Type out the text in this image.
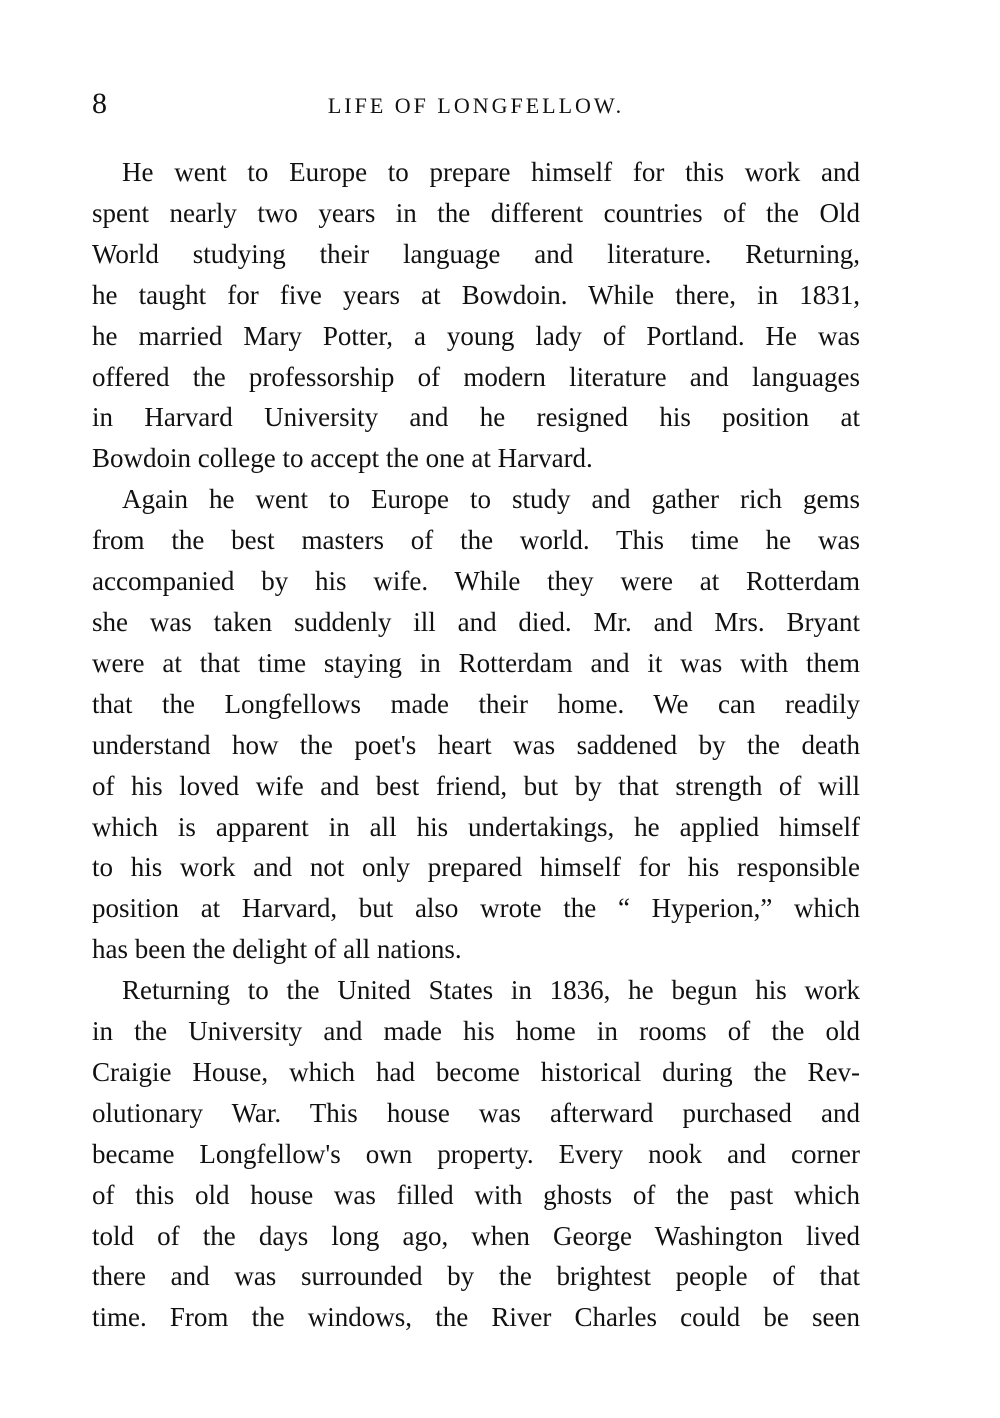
8	LIFE OF LONGFELLOW.

He went to Europe to prepare himself for this work and
spent nearly two years in the different countries of the Old
World studying their language and literature. Returning,
he taught for five years at Bowdoin. While there, in 1831,
he married Mary Potter, a young lady of Portland. He was
offered the professorship of modern literature and languages
in Harvard University and he resigned his position at
Bowdoin college to accept the one at Harvard.

Again he went to Europe to study and gather rich gems
from the best masters of the world. This time he was
accompanied by his wife. While they were at Rotterdam
she was taken suddenly ill and died. Mr. and Mrs. Bryant
were at that time staying in Rotterdam and it was with them
that the Longfellows made their home. We can readily
understand how the poet's heart was saddened by the death
of his loved wife and best friend, but by that strength of will
which is apparent in all his undertakings, he applied himself
to his work and not only prepared himself for his responsible
position at Harvard, but also wrote the “ Hyperion,” which
has been the delight of all nations.

Returning to the United States in 1836, he begun his work
in the University and made his home in rooms of the old
Craigie House, which had become historical during the Rev-
olutionary War. This house was afterward purchased and
became Longfellow's own property. Every nook and corner
of this old house was filled with ghosts of the past which
told of the days long ago, when George Washington lived
there and was surrounded by the brightest people of that
time. From the windows, the River Charles could be seen
